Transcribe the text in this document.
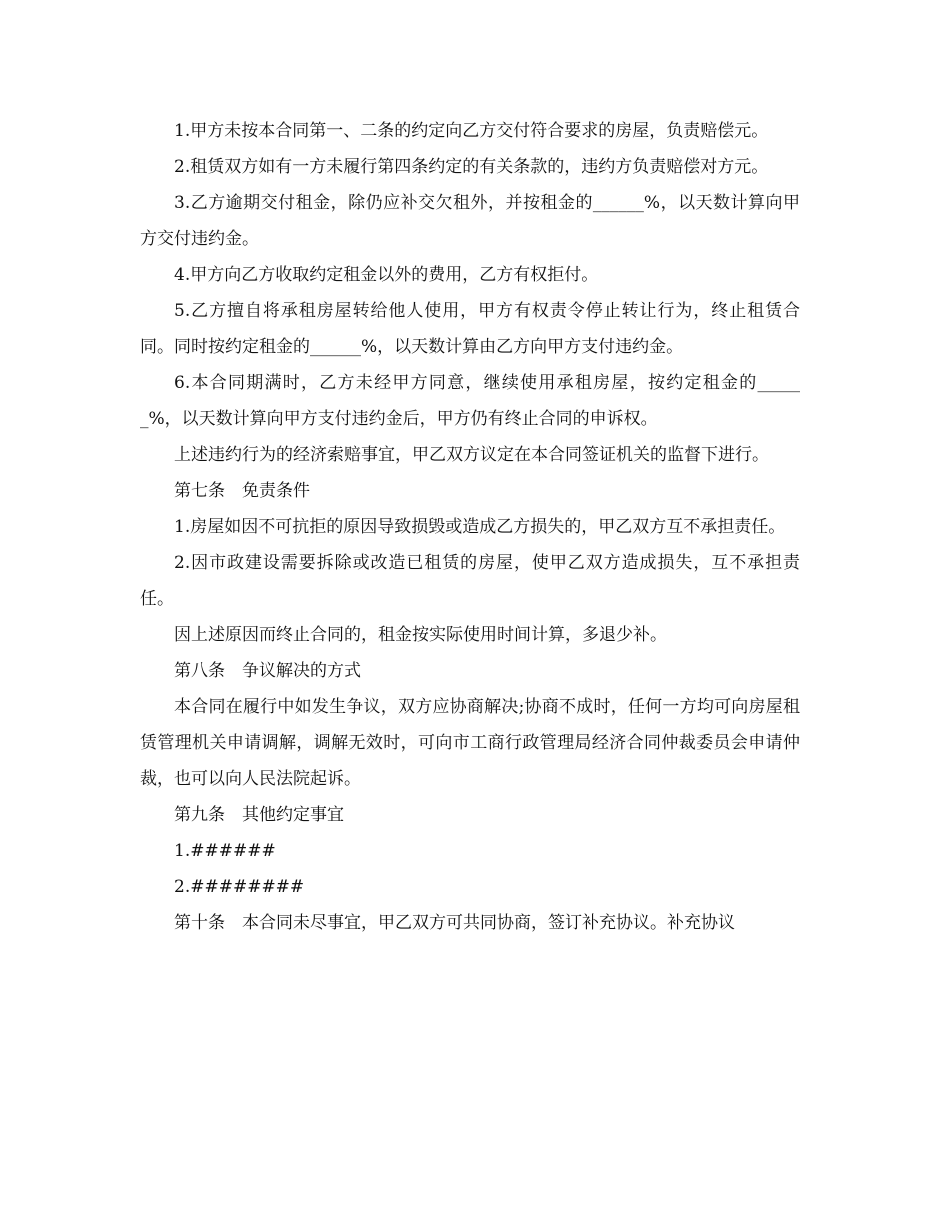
1.甲方未按本合同第一、二条的约定向乙方交付符合要求的房屋，负责赔偿元。

2.租赁双方如有一方未履行第四条约定的有关条款的，违约方负责赔偿对方元。

3.乙方逾期交付租金，除仍应补交欠租外，并按租金的______%，以天数计算向甲方交付违约金。

4.甲方向乙方收取约定租金以外的费用，乙方有权拒付。

5.乙方擅自将承租房屋转给他人使用，甲方有权责令停止转让行为，终止租赁合同。同时按约定租金的______%，以天数计算由乙方向甲方支付违约金。

6.本合同期满时，乙方未经甲方同意，继续使用承租房屋，按约定租金的______%，以天数计算向甲方支付违约金后，甲方仍有终止合同的申诉权。

上述违约行为的经济索赔事宜，甲乙双方议定在本合同签证机关的监督下进行。

第七条　免责条件

1.房屋如因不可抗拒的原因导致损毁或造成乙方损失的，甲乙双方互不承担责任。

2.因市政建设需要拆除或改造已租赁的房屋，使甲乙双方造成损失，互不承担责任。

因上述原因而终止合同的，租金按实际使用时间计算，多退少补。

第八条　争议解决的方式

本合同在履行中如发生争议，双方应协商解决;协商不成时，任何一方均可向房屋租赁管理机关申请调解，调解无效时，可向市工商行政管理局经济合同仲裁委员会申请仲裁，也可以向人民法院起诉。

第九条　其他约定事宜

1.######

2.########

第十条　本合同未尽事宜，甲乙双方可共同协商，签订补充协议。补充协议
